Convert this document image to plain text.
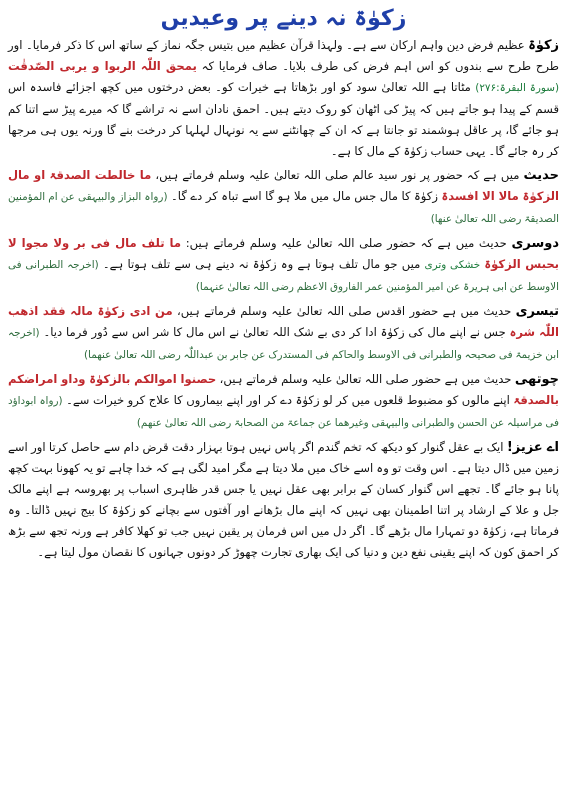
زکوٰۃ نہ دینے پر وعیدیں

زکوٰۃ عظیم فرض دین واہم ارکان سے ہے۔ ولہذا قرآن عظیم میں بتیس جگہ نماز کے ساتھ اس کا ذکر فرمایا۔ اور طرح طرح سے بندوں کو اس اہم فرض کی طرف بلایا۔ صاف فرمایا کہ یمحق اللّٰہ الربوا و یربی الصّدقٰت (سورۃ البقرۃ:۲۷۶) مٹاتا ہے اللہ تعالیٰ سود کو اور بڑھاتا ہے خیرات کو۔ بعض درختوں میں کچھ اجزائے فاسدہ اس قسم کے پیدا ہو جاتے ہیں کہ پیڑ کی اٹھان کو روک دیتے ہیں۔ احمق نادان اسے نہ تراشے گا کہ میرے پیڑ سے اتنا کم ہو جائے گا، پر عاقل ہوشمند تو جانتا ہے کہ ان کے چھانٹنے سے یہ نونہال لہلہا کر درخت بنے گا ورنہ یوں ہی مرجھا کر رہ جائے گا۔ یہی حساب زکوٰۃ کے مال کا ہے۔

حدیث میں ہے کہ حضور پر نور سید عالم صلی اللہ تعالیٰ علیہ وسلم فرماتے ہیں، ما خالطت الصدقۃ او مال الزکوٰۃ مالا الا افسدۃ زکوٰۃ کا مال جس مال میں ملا ہو گا اسے تباہ کر دے گا۔ (رواہ البزاز والبیہقی عن ام المؤمنین الصدیقۃ رضی اللہ تعالیٰ عنھا)

دوسری حدیث میں ہے کہ حضور صلی اللہ تعالیٰ علیہ وسلم فرماتے ہیں: ما تلف مال فی بر ولا مجوا لا بحبس الزکوٰۃ خشکی وتری میں جو مال تلف ہوتا ہے وہ زکوٰۃ نہ دینے ہی سے تلف ہوتا ہے۔ (اخرجہ الطبرانی فی الاوسط عن ابی ہریرۃ عن امیر المؤمنین عمر الفاروق الاعظم رضی اللہ تعالیٰ عنہما)

تیسری حدیث میں ہے حضور اقدس صلی اللہ تعالیٰ علیہ وسلم فرماتے ہیں، من ادی زکوٰۃ مالہ فقد اذھب اللّٰہ شرہ جس نے اپنے مال کی زکوٰۃ ادا کر دی بے شک اللہ تعالیٰ نے اس مال کا شر اس سے دُور فرما دیا۔ (اخرجہ ابن خزیمۃ فی صحیحہ والطبرانی فی الاوسط والحاکم فی المستدرک عن جابر بن عبداللّٰہ رضی اللہ تعالیٰ عنھما)

چوتھی حدیث میں ہے حضور صلی اللہ تعالیٰ علیہ وسلم فرماتے ہیں، حصنوا اموالکم بالزکوٰۃ وداو امراضکم بالصدقۃ اپنے مالوں کو مضبوط قلعوں میں کر لو زکوٰۃ دے کر اور اپنے بیماروں کا علاج کرو خیرات سے۔ (رواہ ابوداؤد فی مراسیلہ عن الحسن والطبرانی والبیہقی وغیرھما عن جماعۃ من الصحابۃ رضی اللہ تعالیٰ عنھم)

اے عزیز! ایک بے عقل گنوار کو دیکھ کہ تخم گندم اگر پاس نہیں ہوتا بہزار دقت قرض دام سے حاصل کرتا اور اسے زمین میں ڈال دیتا ہے۔ اس وقت تو وہ اسے خاک میں ملا دیتا ہے مگر امید لگی ہے کہ خدا چاہے تو یہ کھونا بہت کچھ پانا ہو جائے گا۔ تجھے اس گنوار کسان کے برابر بھی عقل نہیں یا جس قدر ظاہری اسباب پر بھروسہ ہے اپنے مالک جل و علا کے ارشاد پر اتنا اطمینان بھی نہیں کہ اپنے مال بڑھانے اور آفتوں سے بچانے کو زکوٰۃ کا بیج نہیں ڈالتا۔ وہ فرماتا ہے، زکوٰۃ دو تمہارا مال بڑھے گا۔ اگر دل میں اس فرمان پر یقین نہیں جب تو کھلا کافر ہے ورنہ تجھ سے بڑھ کر احمق کون کہ اپنے یقینی نفع دین و دنیا کی ایک بھاری تجارت چھوڑ کر دونوں جہانوں کا نقصان مول لیتا ہے۔
